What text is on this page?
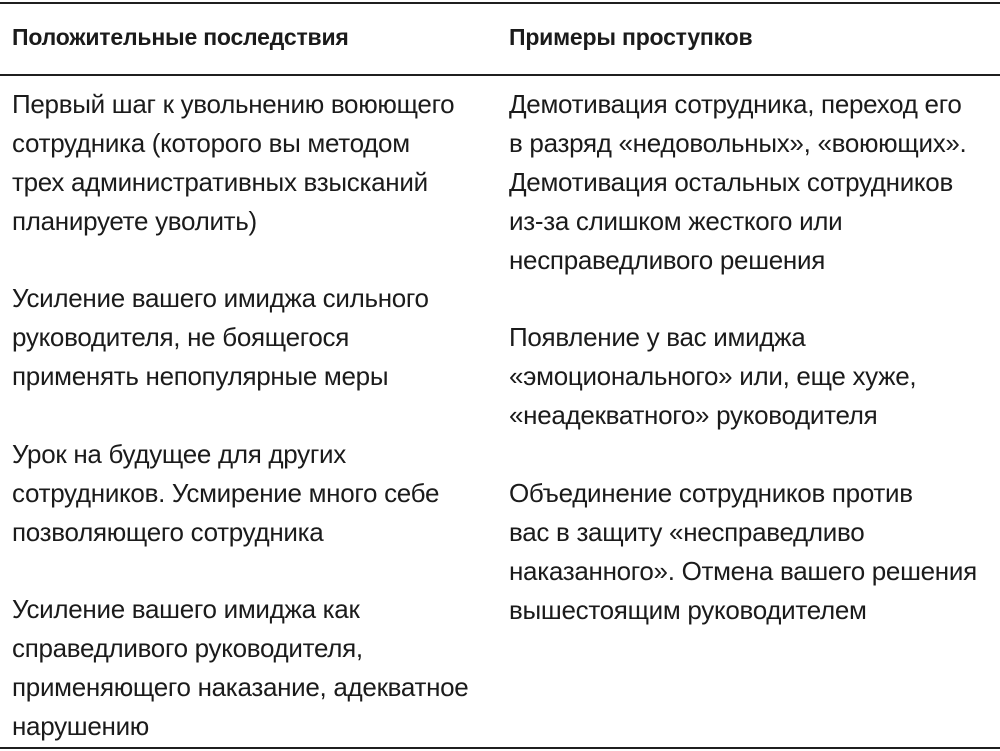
Положительные последствия	Примеры проступков
Первый шаг к увольнению воюющего
сотрудника (которого вы методом
трех административных взысканий
планируете уволить)
Усиление вашего имиджа сильного
руководителя, не боящегося
применять непопулярные меры
Урок на будущее для других
сотрудников. Усмирение много себе
позволяющего сотрудника
Усиление вашего имиджа как
справедливого руководителя,
применяющего наказание, адекватное
нарушению
Демотивация сотрудника, переход его
в разряд «недовольных», «воюющих».
Демотивация остальных сотрудников
из-за слишком жесткого или
несправедливого решения
Появление у вас имиджа
«эмоционального» или, еще хуже,
«неадекватного» руководителя
Объединение сотрудников против
вас в защиту «несправедливо
наказанного». Отмена вашего решения
вышестоящим руководителем
